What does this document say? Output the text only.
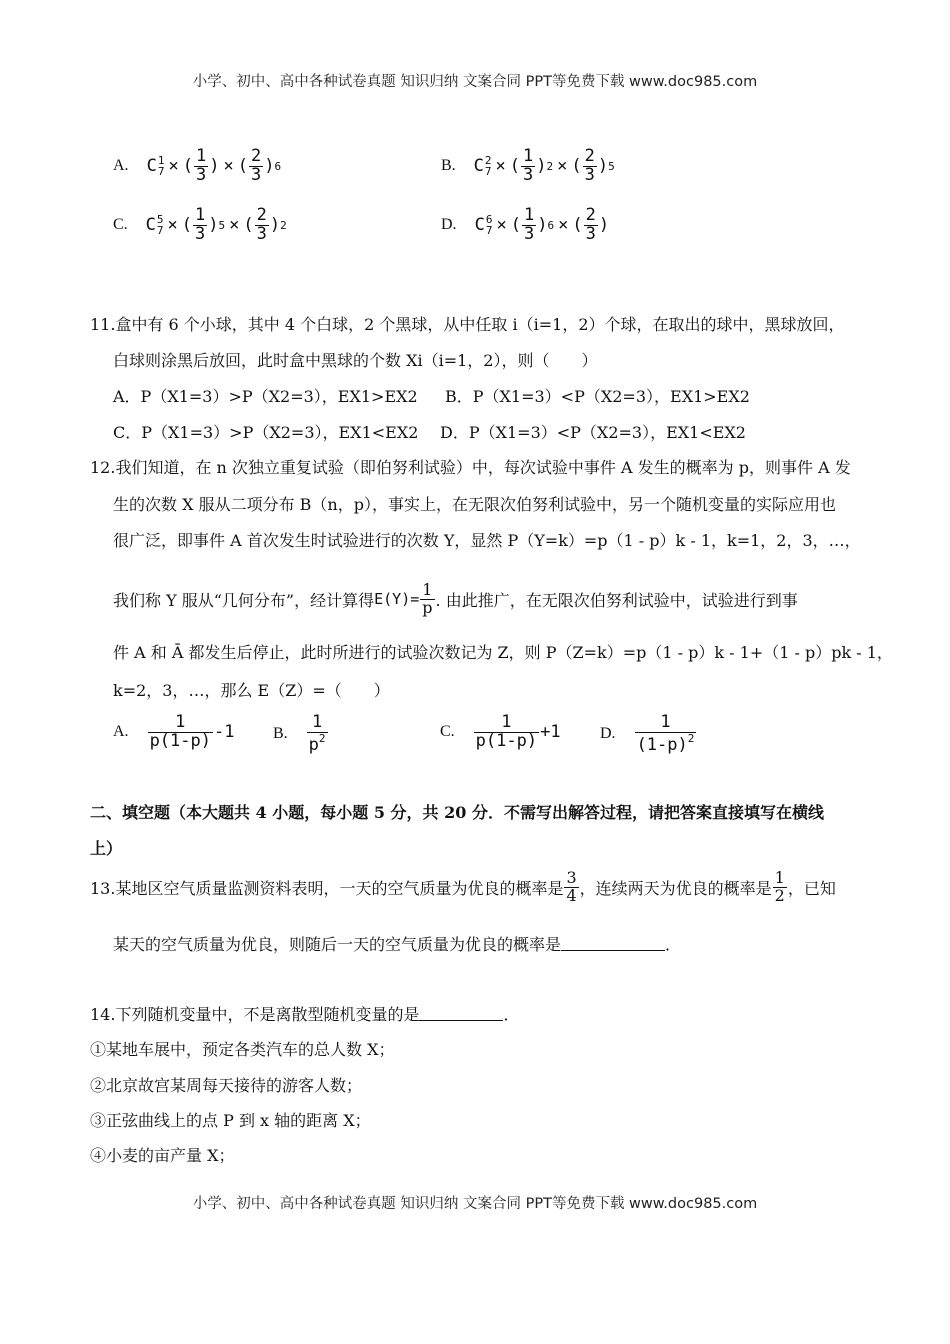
小学、初中、高中各种试卷真题 知识归纳 文案合同 PPT等免费下载 www.doc985.com
A. C 1
7 × ( $\frac{1}{3}$ ) × ( $\frac{2}{3}$ ) 6	B. C 2
7 × ( $\frac{1}{3}$ ) 2 × ( $\frac{2}{3}$ ) 5
C. C 5
7 × ( $\frac{1}{3}$ ) 5 × ( $\frac{2}{3}$ ) 2	D. C 6
7 × ( $\frac{1}{3}$ ) 6 × ( $\frac{2}{3}$ )
11.盒中有 6 个小球，其中 4 个白球，2 个黑球，从中任取 i（i=1，2）个球，在取出的球中，黑球放回，
白球则涂黑后放回，此时盒中黑球的个数 Xi（i=1，2），则（　　）
A．P（X1=3）>P（X2=3），EX1>EX2 B．P（X1=3）<P（X2=3），EX1>EX2
C．P（X1=3）>P（X2=3），EX1<EX2 D．P（X1=3）<P（X2=3），EX1<EX2
12.我们知道，在 n 次独立重复试验（即伯努利试验）中，每次试验中事件 A 发生的概率为 p，则事件 A 发
生的次数 X 服从二项分布 B（n，p），事实上，在无限次伯努利试验中，另一个随机变量的实际应用也
很广泛，即事件 A 首次发生时试验进行的次数 Y，显然 P（Y=k）=p（1 - p）k - 1，k=1，2，3，…，
我们称 Y 服从“几何分布”，经计算得 $E(Y)= \frac{1}{p}$ . 由此推广，在无限次伯努利试验中，试验进行到事
件 A 和 Ā 都发生后停止，此时所进行的试验次数记为 Z，则 P（Z=k）=p（1 - p）k - 1+（1 - p）pk - 1，
k=2，3，…，那么 E（Z）=（　　）
A. $\frac{1}{p(1-p)} -1$ B. $\frac{1}{p^2}$	C. $\frac{1}{p(1-p)} +1$ D. $\frac{1}{(1-p)^2}$
二、填空题（本大题共 4 小题，每小题 5 分，共 20 分．不需写出解答过程，请把答案直接填写在横线
上）
13.某地区空气质量监测资料表明，一天的空气质量为优良的概率是 $\frac{3}{4}$ ，连续两天为优良的概率是 $\frac{1}{2}$ ，已知
某天的空气质量为优良，则随后一天的空气质量为优良的概率是	．
14.下列随机变量中，不是离散型随机变量的是	．
①某地车展中，预定各类汽车的总人数 X；
②北京故宫某周每天接待的游客人数；
③正弦曲线上的点 P 到 x 轴的距离 X；
④小麦的亩产量 X；
小学、初中、高中各种试卷真题 知识归纳 文案合同 PPT等免费下载 www.doc985.com
